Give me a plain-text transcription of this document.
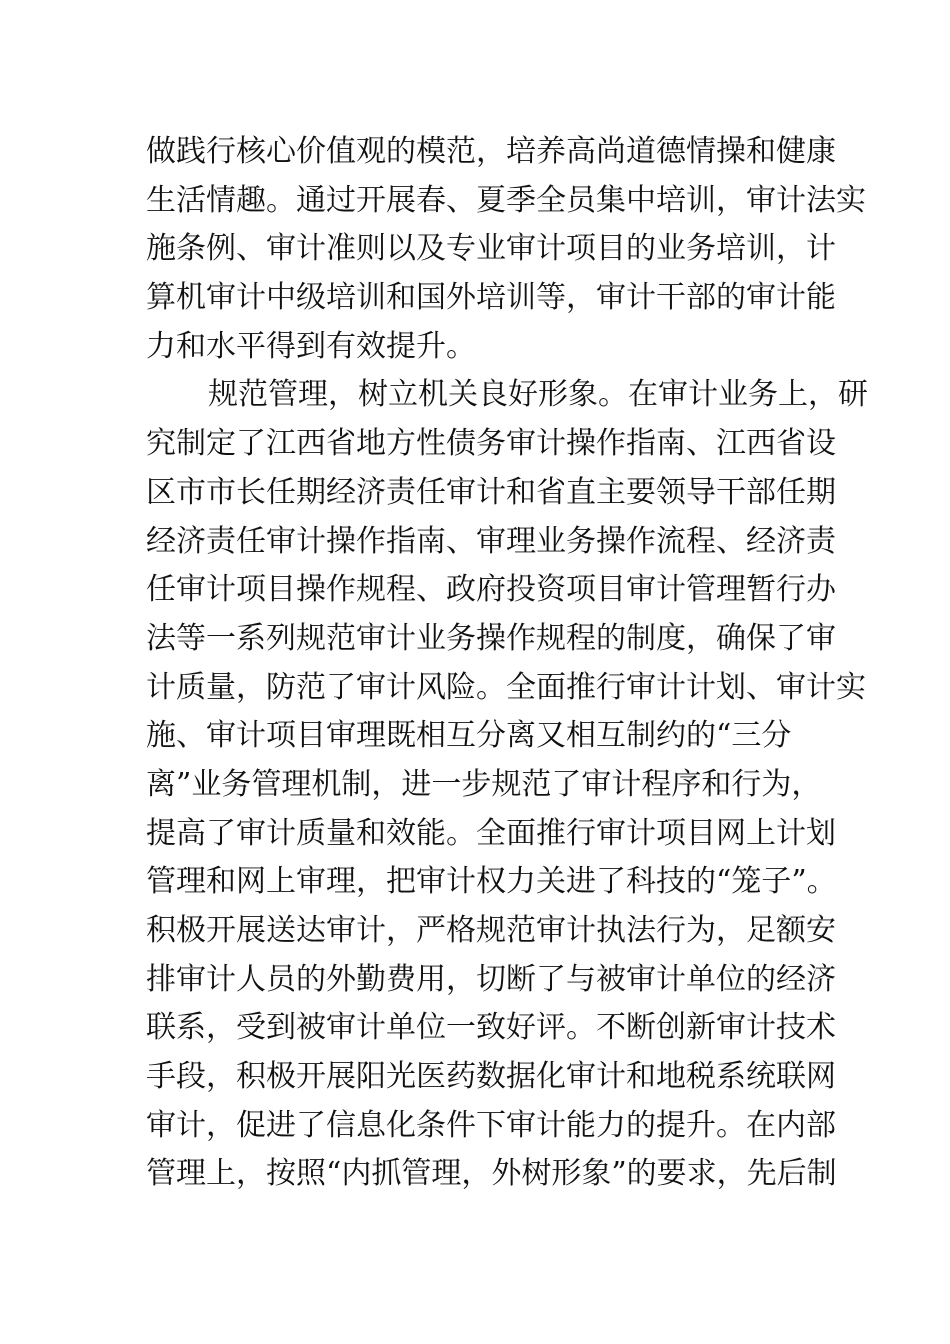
做践行核心价值观的模范，培养高尚道德情操和健康
生活情趣。通过开展春、夏季全员集中培训，审计法实
施条例、审计准则以及专业审计项目的业务培训，计
算机审计中级培训和国外培训等，审计干部的审计能
力和水平得到有效提升。
规范管理，树立机关良好形象。在审计业务上，研
究制定了江西省地方性债务审计操作指南、江西省设
区市市长任期经济责任审计和省直主要领导干部任期
经济责任审计操作指南、审理业务操作流程、经济责
任审计项目操作规程、政府投资项目审计管理暂行办
法等一系列规范审计业务操作规程的制度，确保了审
计质量，防范了审计风险。全面推行审计计划、审计实
施、审计项目审理既相互分离又相互制约的“三分
离”业务管理机制，进一步规范了审计程序和行为，
提高了审计质量和效能。全面推行审计项目网上计划
管理和网上审理，把审计权力关进了科技的“笼子”。
积极开展送达审计，严格规范审计执法行为，足额安
排审计人员的外勤费用，切断了与被审计单位的经济
联系，受到被审计单位一致好评。不断创新审计技术
手段，积极开展阳光医药数据化审计和地税系统联网
审计，促进了信息化条件下审计能力的提升。在内部
管理上，按照“内抓管理，外树形象”的要求，先后制
